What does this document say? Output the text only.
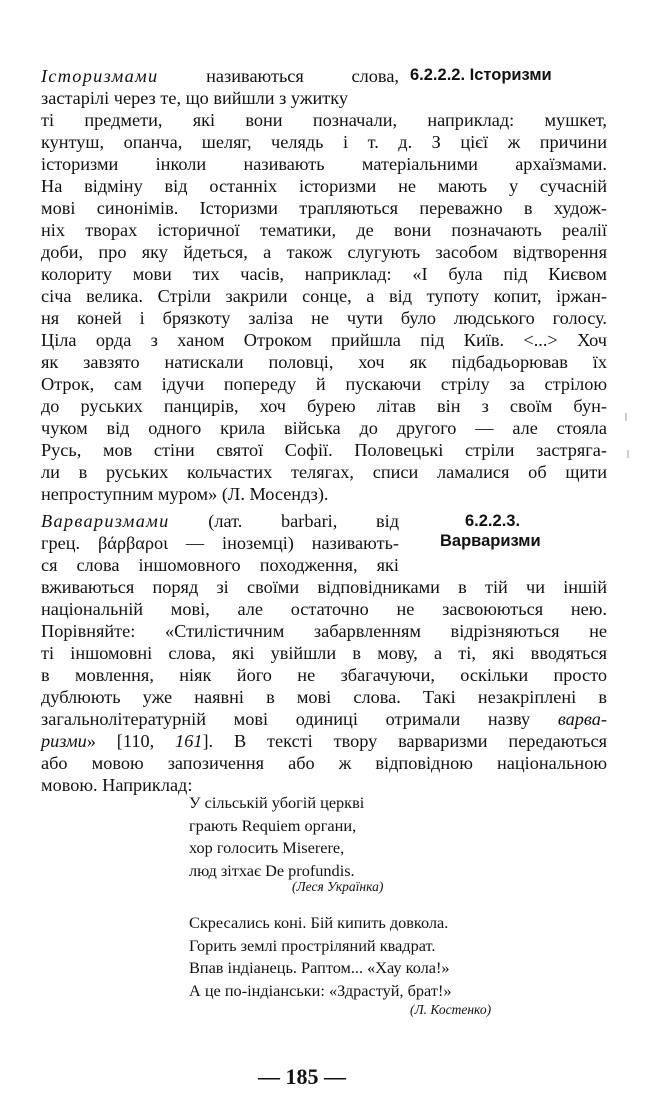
6.2.2.2. Історизми
Історизмами називаються слова,
застарілі через те, що вийшли з ужитку
ті предмети, які вони позначали, наприклад: мушкет,
кунтуш, опанча, шеляг, челядь і т. д. З цієї ж причини
історизми інколи називають матеріальними архаїзмами.
На відміну від останніх історизми не мають у сучасній
мові синонімів. Історизми трапляються переважно в худож-
ніх творах історичної тематики, де вони позначають реалії
доби, про яку йдеться, а також слугують засобом відтворення
колориту мови тих часів, наприклад: «І була під Києвом
січа велика. Стріли закрили сонце, а від тупоту копит, іржан-
ня коней і брязкоту заліза не чути було людського голосу.
Ціла орда з ханом Отроком прийшла під Київ. <...> Хоч
як завзято натискали половці, хоч як підбадьорював їх
Отрок, сам ідучи попереду й пускаючи стрілу за стрілою
до руських панцирів, хоч бурею літав він з своїм бун-
чуком від одного крила війська до другого — але стояла
Русь, мов стіни святої Софії. Половецькі стріли застряга-
ли в руських кольчастих телягах, списи ламалися об щити
непроступним муром» (Л. Мосендз).
6.2.2.3.
Варваризми
Варваризмами (лат. barbari, від
грец. βάρβαροι — іноземці) називають-
ся слова іншомовного походження, які
вживаються поряд зі своїми відповідниками в тій чи іншій
національній мові, але остаточно не засвоюються нею.
Порівняйте: «Стилістичним забарвленням відрізняються не
ті іншомовні слова, які увійшли в мову, а ті, які вводяться
в мовлення, ніяк його не збагачуючи, оскільки просто
дублюють уже наявні в мові слова. Такі незакріплені в
загальнолітературній мові одиниці отримали назву варва-
ризми» [110, 161]. В тексті твору варваризми передаються
або мовою запозичення або ж відповідною національною
мовою. Наприклад:
У сільській убогій церкві
грають Requiem органи,
хор голосить Miserere,
люд зітхає De profundis.
(Леся Українка)
Скресались коні. Бій кипить довкола.
Горить землі простріляний квадрат.
Впав індіанець. Раптом... «Хау кола!»
А це по-індіанськи: «Здрастуй, брат!»
(Л. Костенко)
— 185 —
